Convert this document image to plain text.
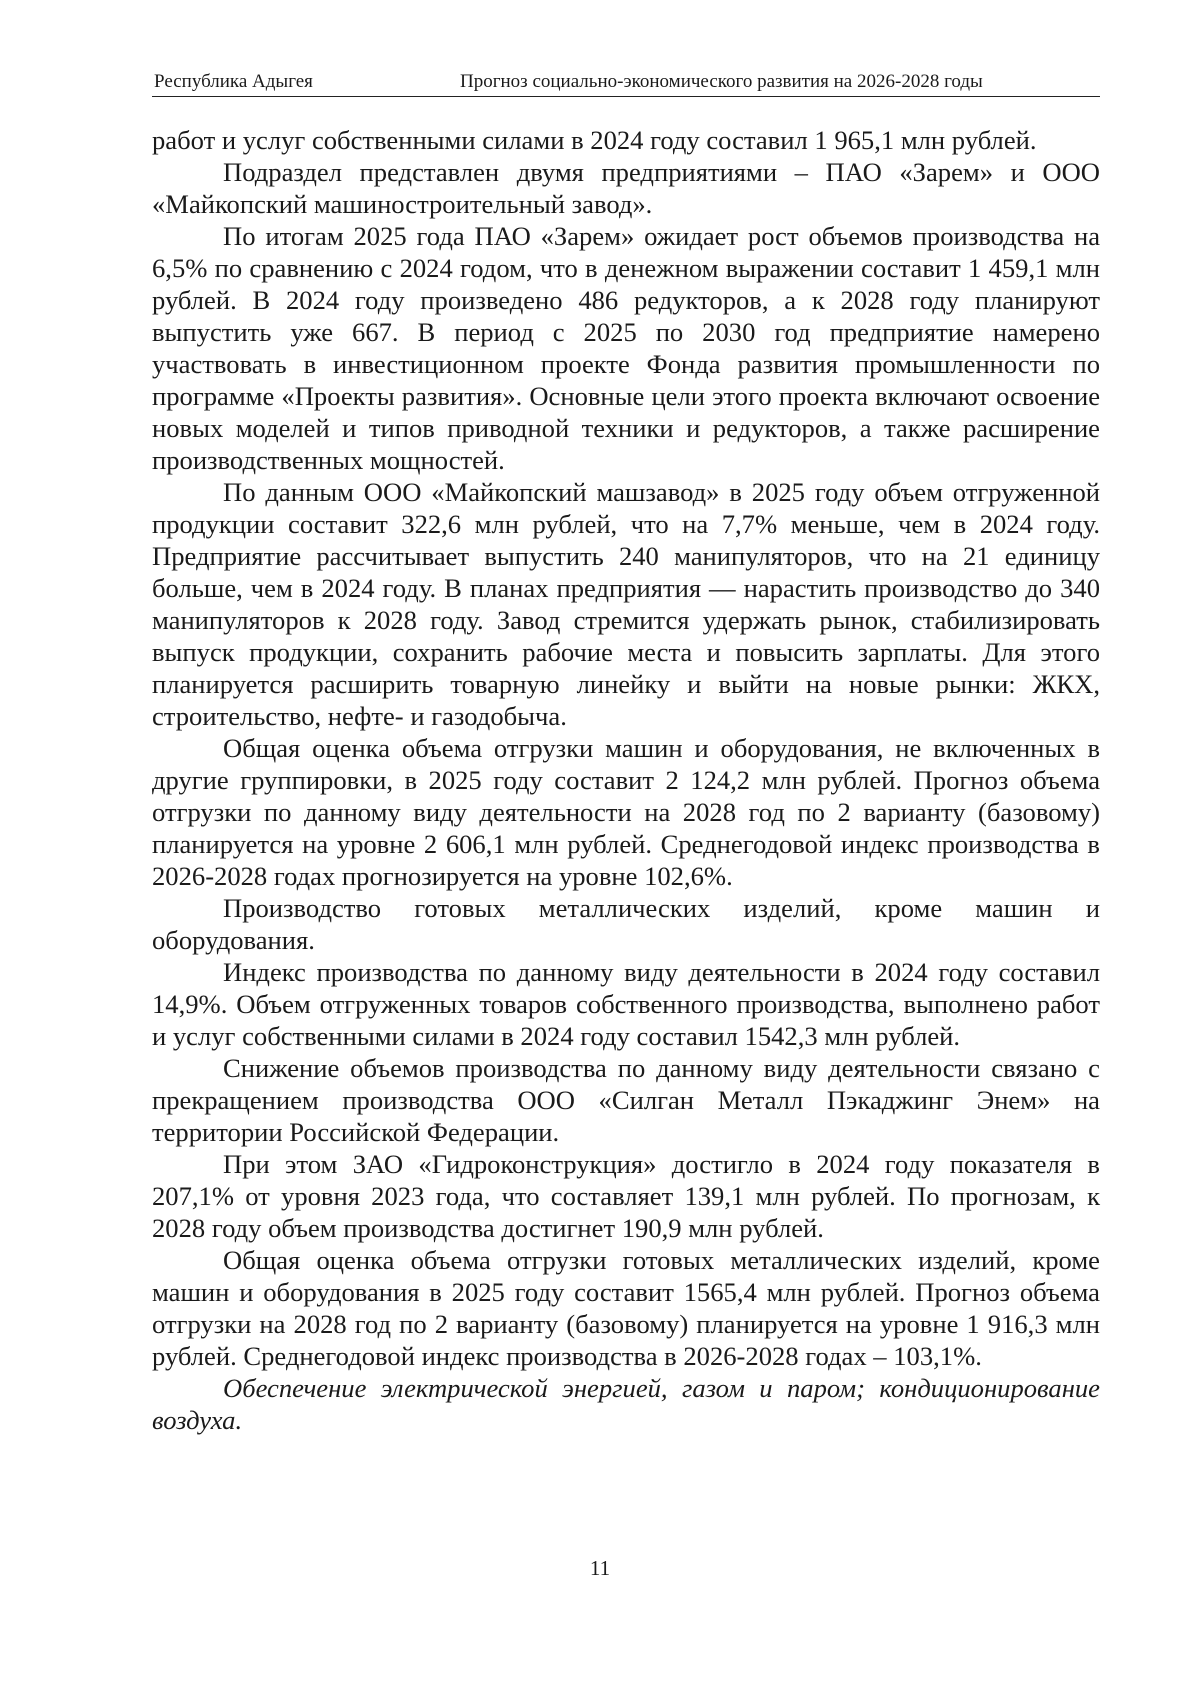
Республика Адыгея	Прогноз социально-экономического развития на 2026-2028 годы

работ и услуг собственными силами в 2024 году составил 1 965,1 млн рублей.

Подраздел представлен двумя предприятиями – ПАО «Зарем» и ООО «Майкопский машиностроительный завод».

По итогам 2025 года ПАО «Зарем» ожидает рост объемов производства на 6,5% по сравнению с 2024 годом, что в денежном выражении составит 1 459,1 млн рублей. В 2024 году произведено 486 редукторов, а к 2028 году планируют выпустить уже 667. В период с 2025 по 2030 год предприятие намерено участвовать в инвестиционном проекте Фонда развития промышленности по программе «Проекты развития». Основные цели этого проекта включают освоение новых моделей и типов приводной техники и редукторов, а также расширение производственных мощностей.

По данным ООО «Майкопский машзавод» в 2025 году объем отгруженной продукции составит 322,6 млн рублей, что на 7,7% меньше, чем в 2024 году. Предприятие рассчитывает выпустить 240 манипуляторов, что на 21 единицу больше, чем в 2024 году. В планах предприятия — нарастить производство до 340 манипуляторов к 2028 году. Завод стремится удержать рынок, стабилизировать выпуск продукции, сохранить рабочие места и повысить зарплаты. Для этого планируется расширить товарную линейку и выйти на новые рынки: ЖКХ, строительство, нефте- и газодобыча.

Общая оценка объема отгрузки машин и оборудования, не включенных в другие группировки, в 2025 году составит 2 124,2 млн рублей. Прогноз объема отгрузки по данному виду деятельности на 2028 год по 2 варианту (базовому) планируется на уровне 2 606,1 млн рублей. Среднегодовой индекс производства в 2026-2028 годах прогнозируется на уровне 102,6%.

Производство готовых металлических изделий, кроме машин и оборудования.

Индекс производства по данному виду деятельности в 2024 году составил 14,9%. Объем отгруженных товаров собственного производства, выполнено работ и услуг собственными силами в 2024 году составил 1542,3 млн рублей.

Снижение объемов производства по данному виду деятельности связано с прекращением производства ООО «Силган Металл Пэкаджинг Энем» на территории Российской Федерации.

При этом ЗАО «Гидроконструкция» достигло в 2024 году показателя в 207,1% от уровня 2023 года, что составляет 139,1 млн рублей. По прогнозам, к 2028 году объем производства достигнет 190,9 млн рублей.

Общая оценка объема отгрузки готовых металлических изделий, кроме машин и оборудования в 2025 году составит 1565,4 млн рублей. Прогноз объема отгрузки на 2028 год по 2 варианту (базовому) планируется на уровне 1 916,3 млн рублей. Среднегодовой индекс производства в 2026-2028 годах – 103,1%.

Обеспечение электрической энергией, газом и паром; кондиционирование воздуха.

11
